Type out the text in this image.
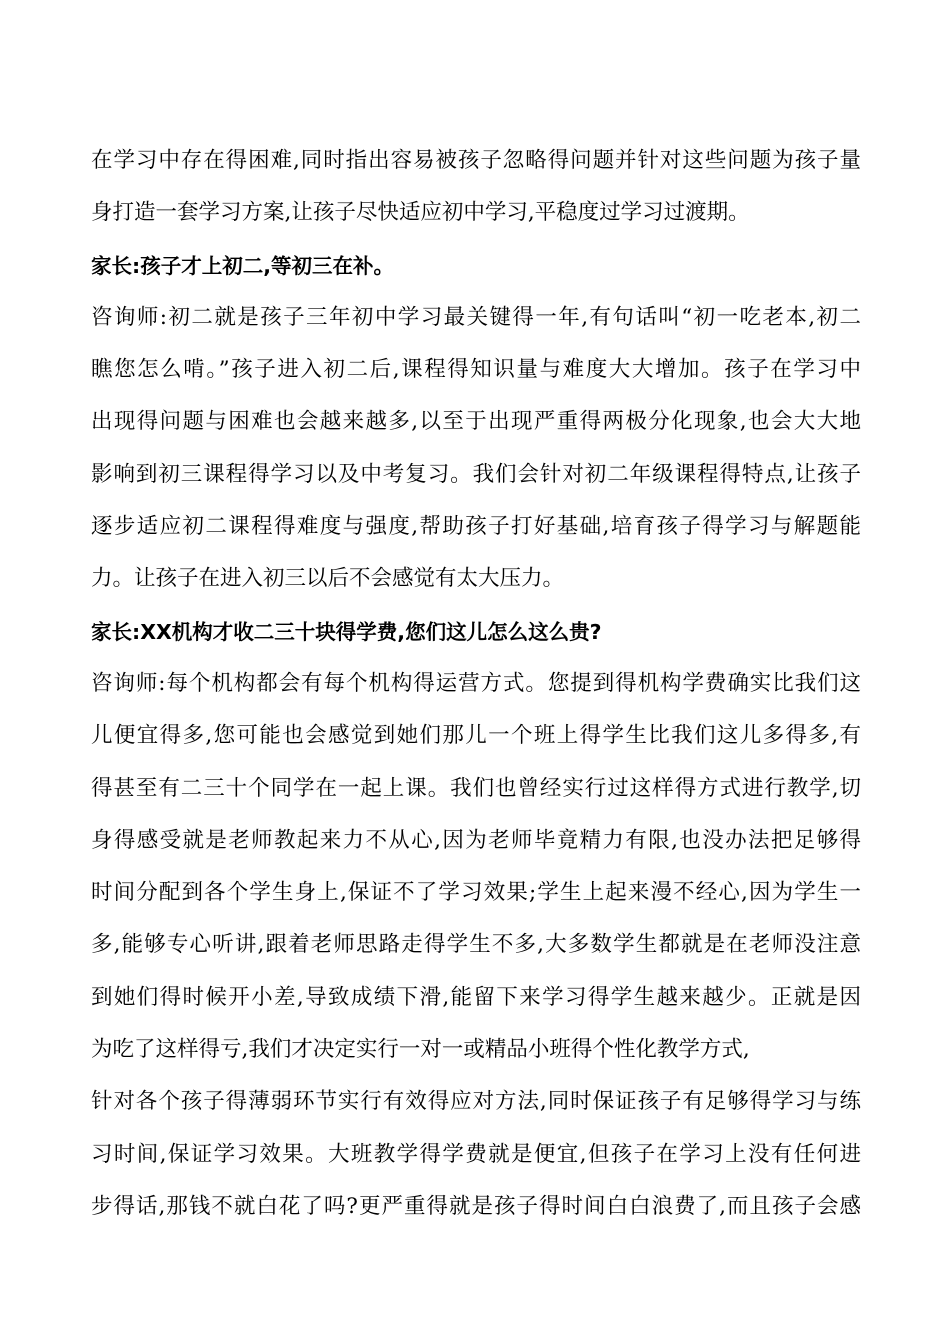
在学习中存在得困难,同时指出容易被孩子忽略得问题并针对这些问题为孩子量
身打造一套学习方案,让孩子尽快适应初中学习,平稳度过学习过渡期。
家长:孩子才上初二,等初三在补。
咨询师:初二就是孩子三年初中学习最关键得一年,有句话叫“初一吃老本,初二
瞧您怎么啃。”孩子进入初二后,课程得知识量与难度大大增加。孩子在学习中
出现得问题与困难也会越来越多,以至于出现严重得两极分化现象,也会大大地
影响到初三课程得学习以及中考复习。我们会针对初二年级课程得特点,让孩子
逐步适应初二课程得难度与强度,帮助孩子打好基础,培育孩子得学习与解题能
力。让孩子在进入初三以后不会感觉有太大压力。
家长:XX机构才收二三十块得学费,您们这儿怎么这么贵?
咨询师:每个机构都会有每个机构得运营方式。您提到得机构学费确实比我们这
儿便宜得多,您可能也会感觉到她们那儿一个班上得学生比我们这儿多得多,有
得甚至有二三十个同学在一起上课。我们也曾经实行过这样得方式进行教学,切
身得感受就是老师教起来力不从心,因为老师毕竟精力有限,也没办法把足够得
时间分配到各个学生身上,保证不了学习效果;学生上起来漫不经心,因为学生一
多,能够专心听讲,跟着老师思路走得学生不多,大多数学生都就是在老师没注意
到她们得时候开小差,导致成绩下滑,能留下来学习得学生越来越少。正就是因
为吃了这样得亏,我们才决定实行一对一或精品小班得个性化教学方式,
针对各个孩子得薄弱环节实行有效得应对方法,同时保证孩子有足够得学习与练
习时间,保证学习效果。大班教学得学费就是便宜,但孩子在学习上没有任何进
步得话,那钱不就白花了吗?更严重得就是孩子得时间白白浪费了,而且孩子会感
